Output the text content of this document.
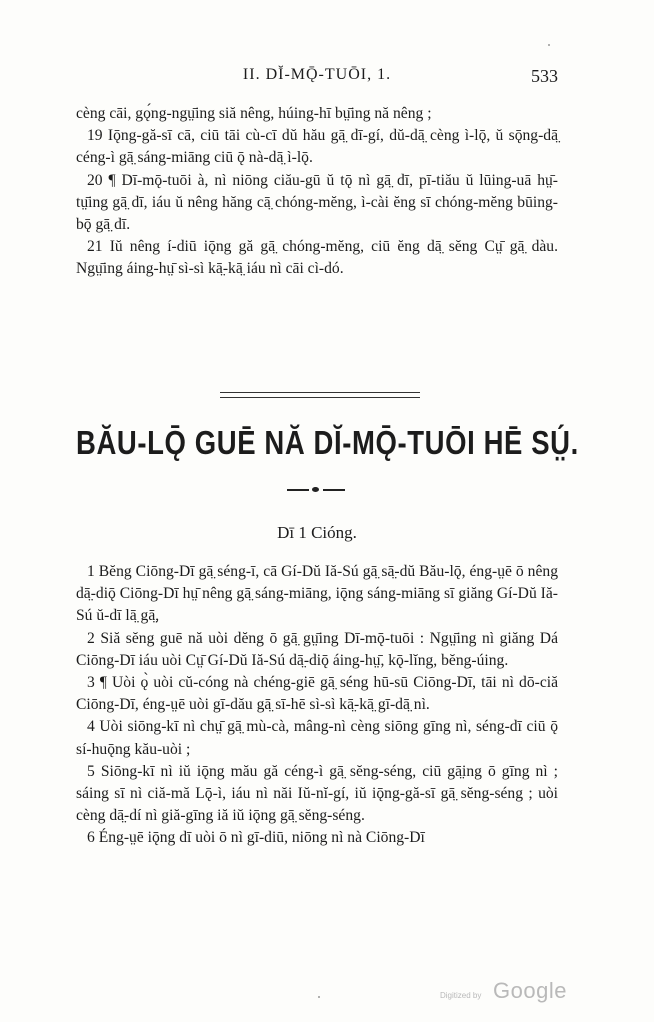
II. DĬ-MǬ-TUŌI, 1.	533

cèng cāi, gǫ́ng-ngṳ̄ing siă nêng, húing-hī bṳ̄ing nă nêng ;

19 Iǭng-gă-sī cā, ciū tāi cù-cī dŭ hău gā̤ dī-gí, dŭ-dā̤ cèng ì-lǭ, ŭ sǭng-dā̤ céng-ì gā̤ sáng-miāng ciū ǭ nà-dā̤ ì-lǭ.

20 ¶ Dī-mǭ-tuōi à, nì niōng ciău-gū ŭ tǭ nì gā̤ dī, pī-tiău ŭ lūing-uā hṳ̄-tṳ̄ing gā̤ dī, iáu ŭ nêng hăng cā̤ chóng-mĕng, ì-cài ĕng sī chóng-mĕng būing-bǭ gā̤ dī.

21 Iŭ nêng í-diū iǭng gă gā̤ chóng-mĕng, ciū ĕng dā̤ sĕng Cṳ̄ gā̤ dàu. Ngṳ̄ing áing-hṳ̄ sì-sì kā̤-kā̤ iáu nì cāi cì-dó.

BĂU-LǬ GUĒ NĂ DĬ-MǬ-TUŌI HĒ SṲ́.
Dī 1 Cióng.

1 Bĕng Ciōng-Dī gā̤ séng-ī, cā Gí-Dŭ Iă-Sú gā̤ sā̤-dŭ Bău-lǭ, éng-ṳē ō nêng dā̤-diǭ Ciōng-Dī hṳ̄ nêng gā̤ sáng-miāng, iǭng sáng-miāng sī giăng Gí-Dŭ Iă-Sú ŭ-dī lā̤ gā̤,

2 Siă sĕng guē nă uòi dĕng ō gā̤ gṳ̄ing Dī-mǭ-tuōi : Ngṳ̄ing nì giăng Dá Ciōng-Dī iáu uòi Cṳ̄ Gí-Dŭ Iă-Sú dā̤-diǭ áing-hṳ̄, kǭ-lĭng, bĕng-úing.

3 ¶ Uòi ǫ̀ uòi cŭ-cóng nà chéng-giē gā̤ séng hū-sū Ciōng-Dī, tāi nì dō-ciă Ciōng-Dī, éng-ṳē uòi gī-dău gā̤ sī-hē sì-sì kā̤-kā̤ gī-dā̤ nì.

4 Uòi siōng-kī nì chṳ̄ gā̤ mù-cà, mâng-nì cèng siōng gīng nì, séng-dī ciū ǭ sí-huǭng kău-uòi ;

5 Siōng-kī nì iŭ iǭng mău gă céng-ì gā̤ sĕng-séng, ciū gā̤ing ō gīng nì ; sáing sī nì ciă-mă Lǭ-ì, iáu nì năi Iŭ-nĭ-gí, iŭ iǭng-gă-sī gā̤ sĕng-séng ; uòi cèng dā̤-dí nì giă-gīng iă iŭ iǭng gā̤ sĕng-séng.

6 Éng-ṳē iǭng dī uòi ō nì gī-diū, niōng nì nà Ciōng-Dī

Digitized by Google
